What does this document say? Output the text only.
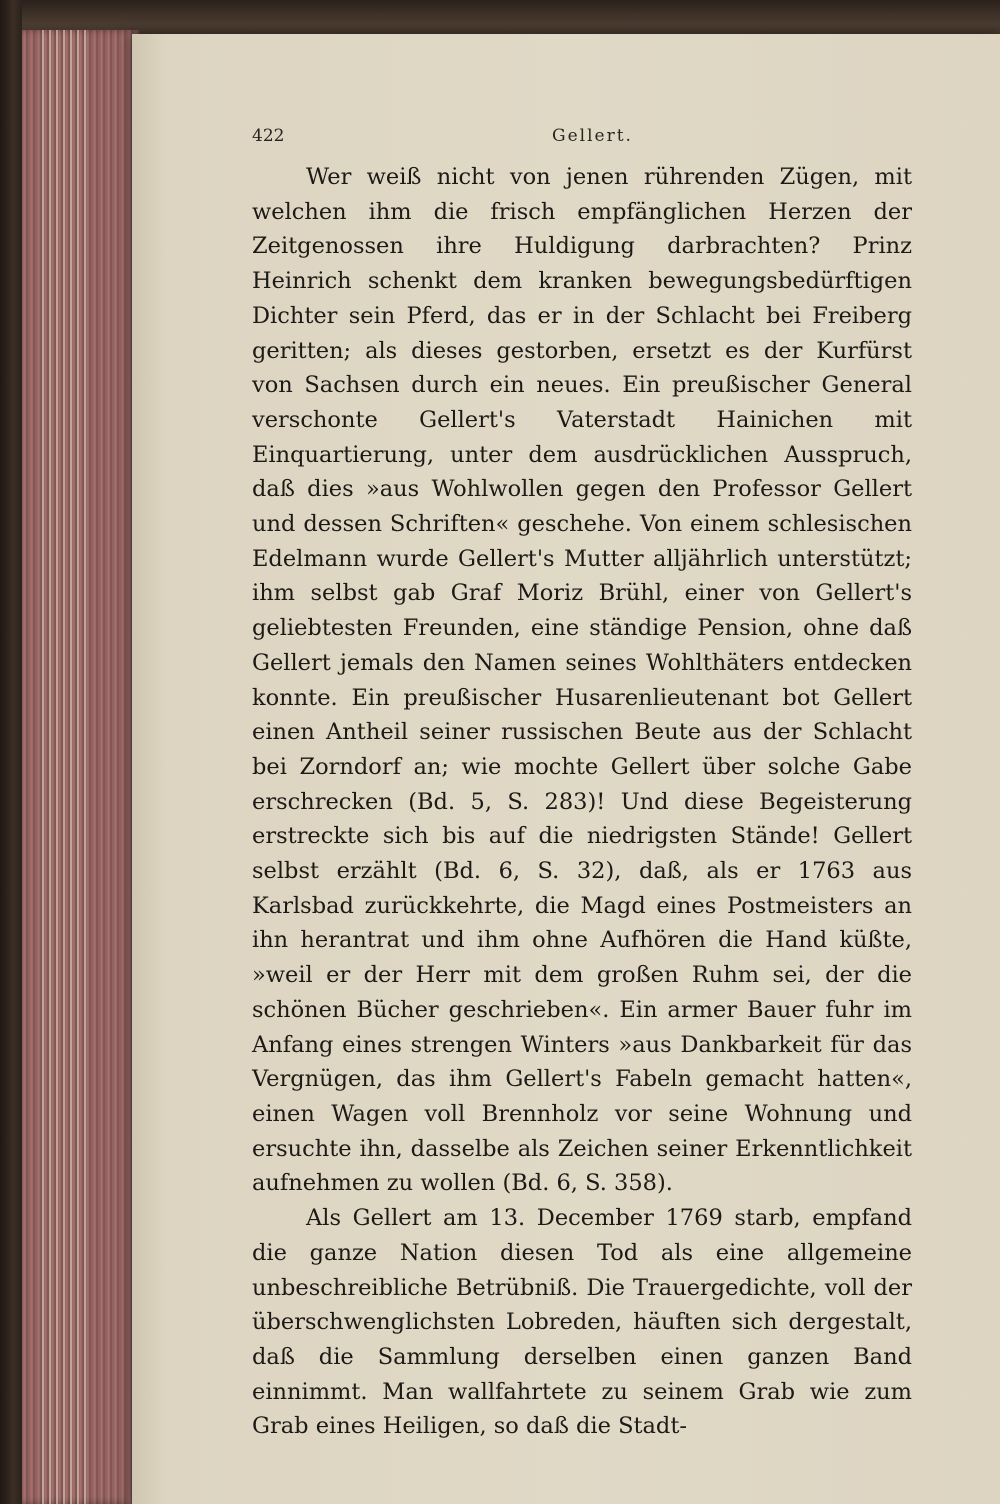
422	Gellert.

Wer weiß nicht von jenen rührenden Zügen, mit welchen ihm die frisch empfänglichen Herzen der Zeitgenossen ihre Huldigung darbrachten? Prinz Heinrich schenkt dem kranken bewegungsbedürftigen Dichter sein Pferd, das er in der Schlacht bei Freiberg geritten; als dieses gestorben, ersetzt es der Kurfürst von Sachsen durch ein neues. Ein preußischer General verschonte Gellert's Vaterstadt Hainichen mit Einquartierung, unter dem ausdrücklichen Ausspruch, daß dies »aus Wohlwollen gegen den Professor Gellert und dessen Schriften« geschehe. Von einem schlesischen Edelmann wurde Gellert's Mutter alljährlich unterstützt; ihm selbst gab Graf Moriz Brühl, einer von Gellert's geliebtesten Freunden, eine ständige Pension, ohne daß Gellert jemals den Namen seines Wohlthäters entdecken konnte. Ein preußischer Husarenlieutenant bot Gellert einen Antheil seiner russischen Beute aus der Schlacht bei Zorndorf an; wie mochte Gellert über solche Gabe erschrecken (Bd. 5, S. 283)! Und diese Begeisterung erstreckte sich bis auf die niedrigsten Stände! Gellert selbst erzählt (Bd. 6, S. 32), daß, als er 1763 aus Karlsbad zurückkehrte, die Magd eines Postmeisters an ihn herantrat und ihm ohne Aufhören die Hand küßte, »weil er der Herr mit dem großen Ruhm sei, der die schönen Bücher geschrieben«. Ein armer Bauer fuhr im Anfang eines strengen Winters »aus Dankbarkeit für das Vergnügen, das ihm Gellert's Fabeln gemacht hatten«, einen Wagen voll Brennholz vor seine Wohnung und ersuchte ihn, dasselbe als Zeichen seiner Erkenntlichkeit aufnehmen zu wollen (Bd. 6, S. 358).

Als Gellert am 13. December 1769 starb, empfand die ganze Nation diesen Tod als eine allgemeine unbeschreibliche Betrübniß. Die Trauergedichte, voll der überschwenglichsten Lobreden, häuften sich dergestalt, daß die Sammlung derselben einen ganzen Band einnimmt. Man wallfahrtete zu seinem Grab wie zum Grab eines Heiligen, so daß die Stadt-
